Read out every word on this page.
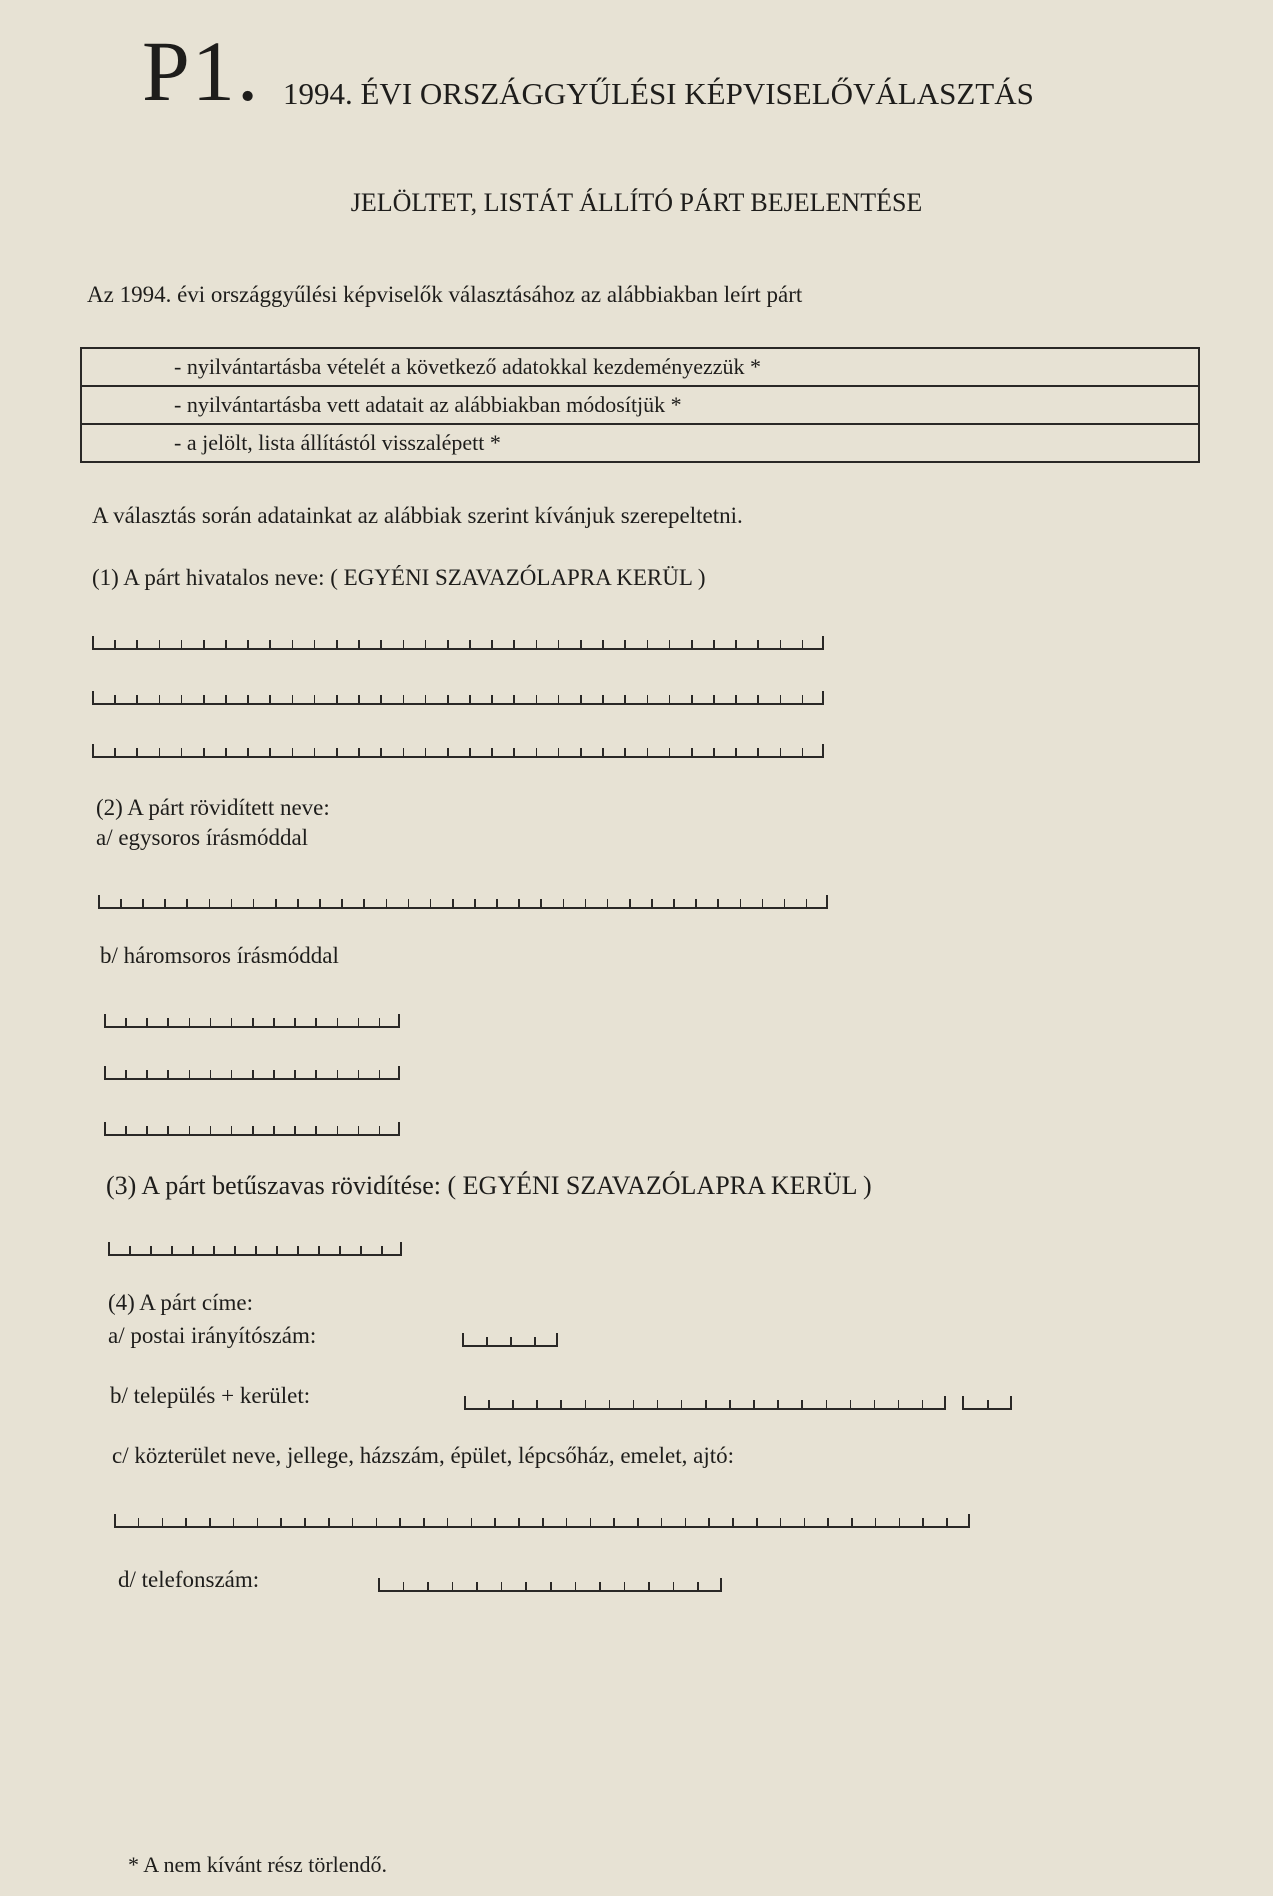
P1. 1994. ÉVI ORSZÁGGYŰLÉSI KÉPVISELŐVÁLASZTÁS
JELÖLTET, LISTÁT ÁLLÍTÓ PÁRT BEJELENTÉSE
Az 1994. évi országgyűlési képviselők választásához az alábbiakban leírt párt
- nyilvántartásba vételét a következő adatokkal kezdeményezzük *
- nyilvántartásba vett adatait az alábbiakban módosítjük *
- a jelölt, lista állítástól visszalépett *
A választás során adatainkat az alábbiak szerint kívánjuk szerepeltetni.
(1) A párt hivatalos neve: ( EGYÉNI SZAVAZÓLAPRA KERÜL )
(2) A párt rövidített neve:
a/ egysoros írásmóddal
b/ háromsoros írásmóddal
(3) A párt betűszavas rövidítése: ( EGYÉNI SZAVAZÓLAPRA KERÜL )
(4) A párt címe:
a/ postai irányítószám:
b/ település + kerület:
c/ közterület neve, jellege, házszám, épület, lépcsőház, emelet, ajtó:
d/ telefonszám:
* A nem kívánt rész törlendő.
